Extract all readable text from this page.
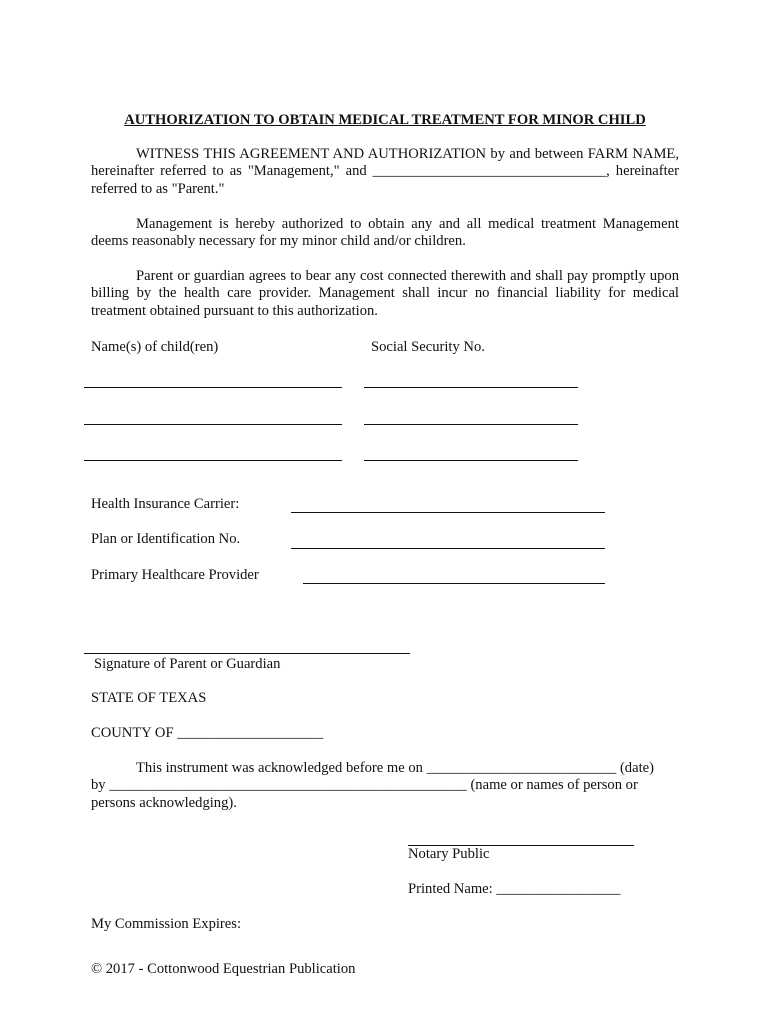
AUTHORIZATION TO OBTAIN MEDICAL TREATMENT FOR MINOR CHILD
WITNESS THIS AGREEMENT AND AUTHORIZATION by and between FARM NAME, hereinafter referred to as "Management," and ________________________________, hereinafter referred to as "Parent."
Management is hereby authorized to obtain any and all medical treatment Management deems reasonably necessary for my minor child and/or children.
Parent or guardian agrees to bear any cost connected therewith and shall pay promptly upon billing by the health care provider. Management shall incur no financial liability for medical treatment obtained pursuant to this authorization.
Name(s) of child(ren)	Social Security No.
Health Insurance Carrier:
Plan or Identification No.
Primary Healthcare Provider
Signature of Parent or Guardian
STATE OF TEXAS
COUNTY OF ____________________
This instrument was acknowledged before me on __________________________ (date)
by _________________________________________________ (name or names of person or
persons acknowledging).
Notary Public
Printed Name: _________________
My Commission Expires:
© 2017 - Cottonwood Equestrian Publication
